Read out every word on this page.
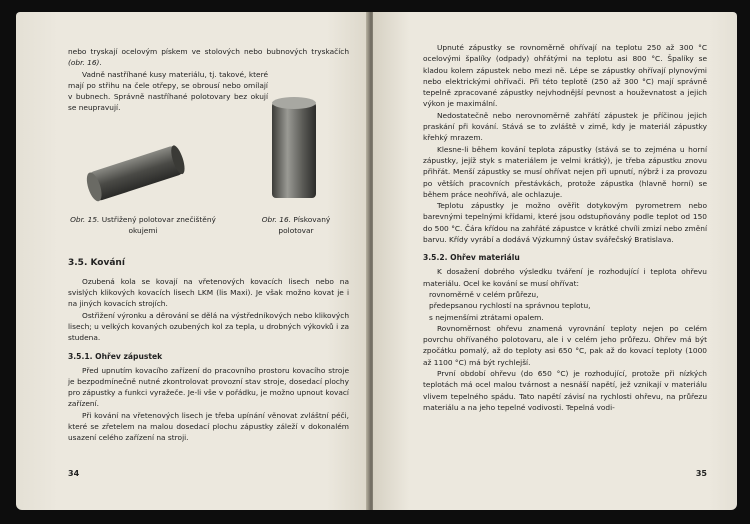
nebo tryskají ocelovým pískem ve stolových nebo bubnových tryskačích (obr. 16).

Vadně nastříhané kusy materiálu, tj. takové, které mají po střihu na čele otřepy, se obrousí nebo omílají v bubnech. Správně nastříhané polotovary bez okují se neupravují.

Obr. 15. Ustřižený polotovar znečištěný okujemi
Obr. 16. Pískovaný polotovar
3.5. Kování

Ozubená kola se kovají na vřetenových kovacích lisech nebo na svislých klikových kovacích lisech LKM (lis Maxi). Je však možno kovat je i na jiných kovacích strojích.

Ostřižení výronku a děrování se dělá na výstředníkových nebo klikových lisech; u velkých kovaných ozubených kol za tepla, u drobných výkovků i za studena.

3.5.1. Ohřev zápustek

Před upnutím kovacího zařízení do pracovního prostoru kovacího stroje je bezpodmínečně nutné zkontrolovat provozní stav stroje, dosedací plochy pro zápustky a funkci vyražeče. Je-li vše v pořádku, je možno upnout kovací zařízení.

Při kování na vřetenových lisech je třeba upínání věnovat zvláštní péči, které se zřetelem na malou dosedací plochu zápustky záleží v dokonalém usazení celého zařízení na stroji.

34

Upnuté zápustky se rovnoměrně ohřívají na teplotu 250 až 300 °C ocelovými špalíky (odpady) ohřátými na teplotu asi 800 °C. Špalíky se kladou kolem zápustek nebo mezi ně. Lépe se zápustky ohřívají plynovými nebo elektrickými ohřívači. Při této teplotě (250 až 300 °C) mají správně tepelně zpracované zápustky nejvhodnější pevnost a houževnatost a jejich výkon je maximální.

Nedostatečně nebo nerovnoměrně zahřátí zápustek je příčinou jejich praskání při kování. Stává se to zvláště v zimě, kdy je materiál zápustky křehký mrazem.

Klesne-li během kování teplota zápustky (stává se to zejména u horní zápustky, jejíž styk s materiálem je velmi krátký), je třeba zápustku znovu přihřát. Menší zápustky se musí ohřívat nejen při upnutí, nýbrž i za provozu po větších pracovních přestávkách, protože zápustka (hlavně horní) se během práce neohřívá, ale ochlazuje.

Teplotu zápustky je možno ověřit dotykovým pyrometrem nebo barevnými tepelnými křídami, které jsou odstupňovány podle teplot od 150 do 500 °C. Čára křídou na zahřáté zápustce v krátké chvíli zmizí nebo změní barvu. Křídy vyrábí a dodává Výzkumný ústav svářečský Bratislava.

3.5.2. Ohřev materiálu

K dosažení dobrého výsledku tváření je rozhodující i teplota ohřevu materiálu. Ocel ke kování se musí ohřívat:

rovnoměrně v celém průřezu,

předepsanou rychlostí na správnou teplotu,

s nejmenšími ztrátami opalem.

Rovnoměrnost ohřevu znamená vyrovnání teploty nejen po celém povrchu ohřívaného polotovaru, ale i v celém jeho průřezu. Ohřev má být zpočátku pomalý, až do teploty asi 650 °C, pak až do kovací teploty (1000 až 1100 °C) má být rychlejší.

První období ohřevu (do 650 °C) je rozhodující, protože při nízkých teplotách má ocel malou tvárnost a nesnáší napětí, jež vznikají v materiálu vlivem tepelného spádu. Tato napětí závisí na rychlosti ohřevu, na průřezu materiálu a na jeho tepelné vodivosti. Tepelná vodi-

35
